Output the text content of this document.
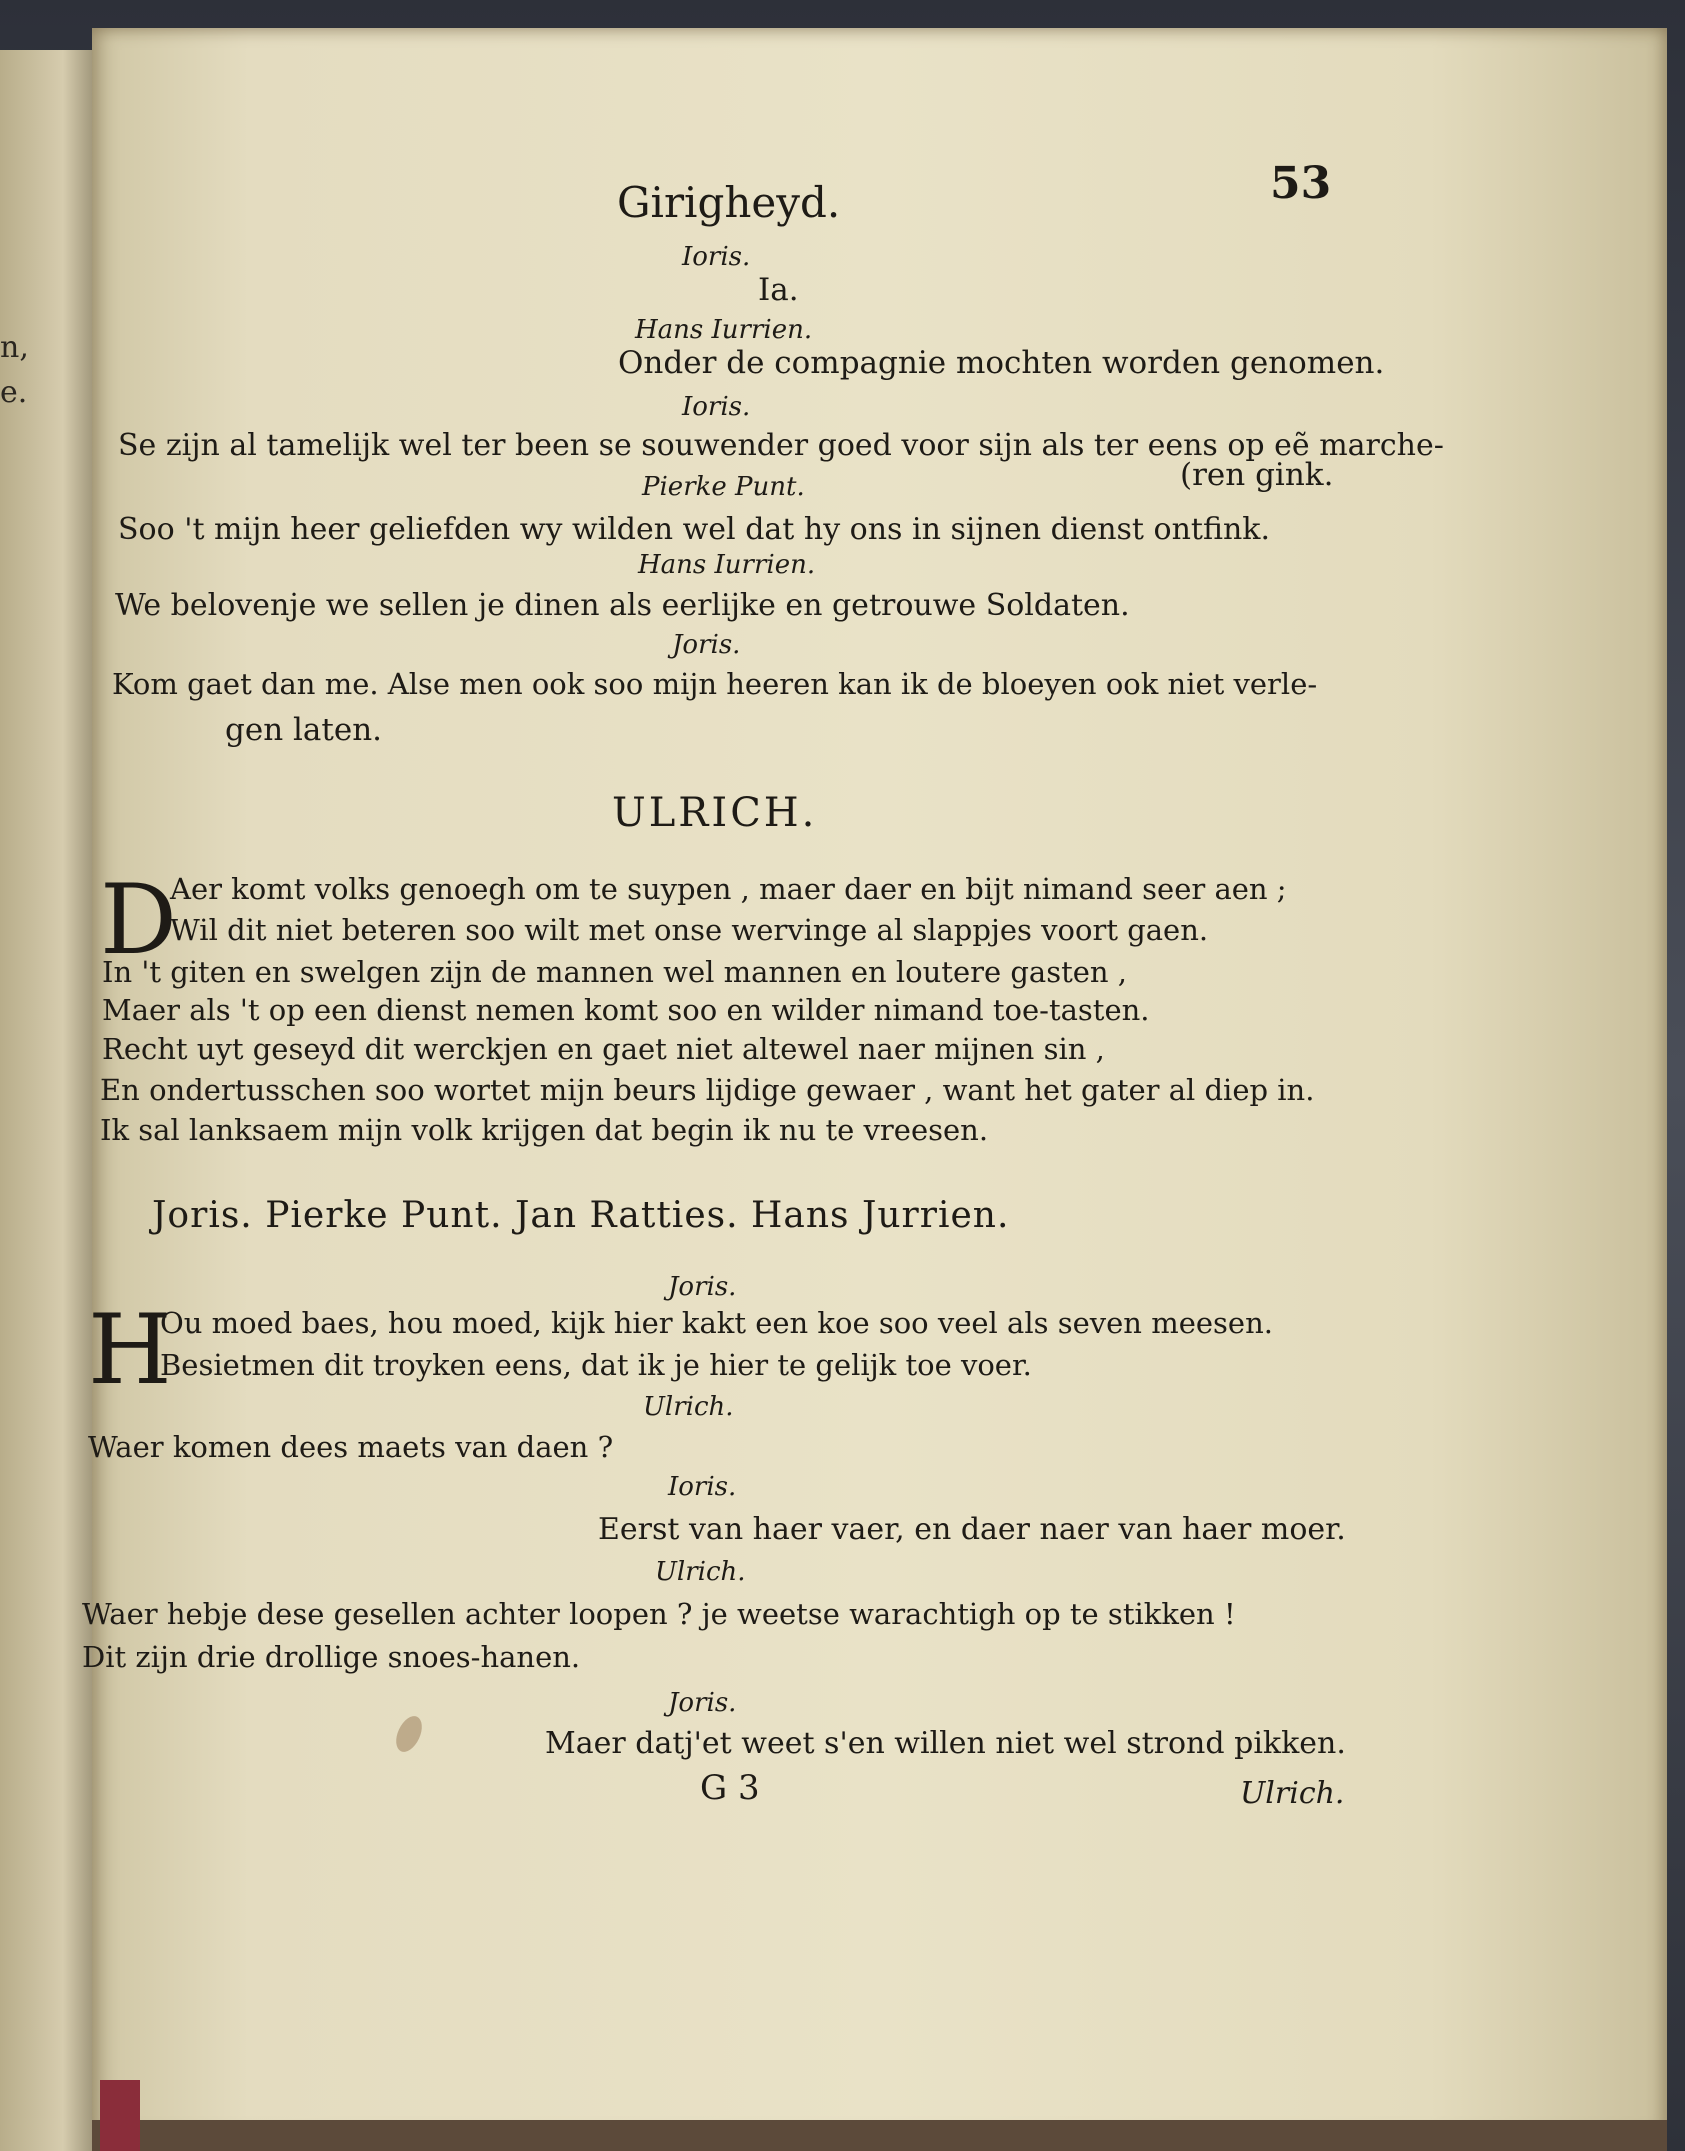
n,
e.
Girigheyd.	53
Ioris.
Ia.
Hans Iurrien.
Onder de compagnie mochten worden genomen.
Ioris.
Se zijn al tamelijk wel ter been se souwender goed voor sijn als ter eens op eẽ marche-
Pierke Punt.	(ren gink.
Soo 't mijn heer geliefden wy wilden wel dat hy ons in sijnen dienst ontfink.
Hans Iurrien.
We belovenje we sellen je dinen als eerlijke en getrouwe Soldaten.
Joris.
Kom gaet dan me. Alse men ook soo mijn heeren kan ik de bloeyen ook niet verle-
gen laten.
ULRICH.
D
Aer komt volks genoegh om te suypen , maer daer en bijt nimand seer aen ;
Wil dit niet beteren soo wilt met onse wervinge al slappjes voort gaen.
In 't giten en swelgen zijn de mannen wel mannen en loutere gasten ,
Maer als 't op een dienst nemen komt soo en wilder nimand toe-tasten.
Recht uyt geseyd dit werckjen en gaet niet altewel naer mijnen sin ,
En ondertusschen soo wortet mijn beurs lijdige gewaer , want het gater al diep in.
Ik sal lanksaem mijn volk krijgen dat begin ik nu te vreesen.
Joris. Pierke Punt. Jan Ratties. Hans Jurrien.
Joris.
H
Ou moed baes, hou moed, kijk hier kakt een koe soo veel als seven meesen.
Besietmen dit troyken eens, dat ik je hier te gelijk toe voer.
Ulrich.
Waer komen dees maets van daen ?
Ioris.
Eerst van haer vaer, en daer naer van haer moer.
Ulrich.
Waer hebje dese gesellen achter loopen ? je weetse warachtigh op te stikken !
Dit zijn drie drollige snoes-hanen.
Joris.
Maer datj'et weet s'en willen niet wel strond pikken.
G 3	Ulrich.
